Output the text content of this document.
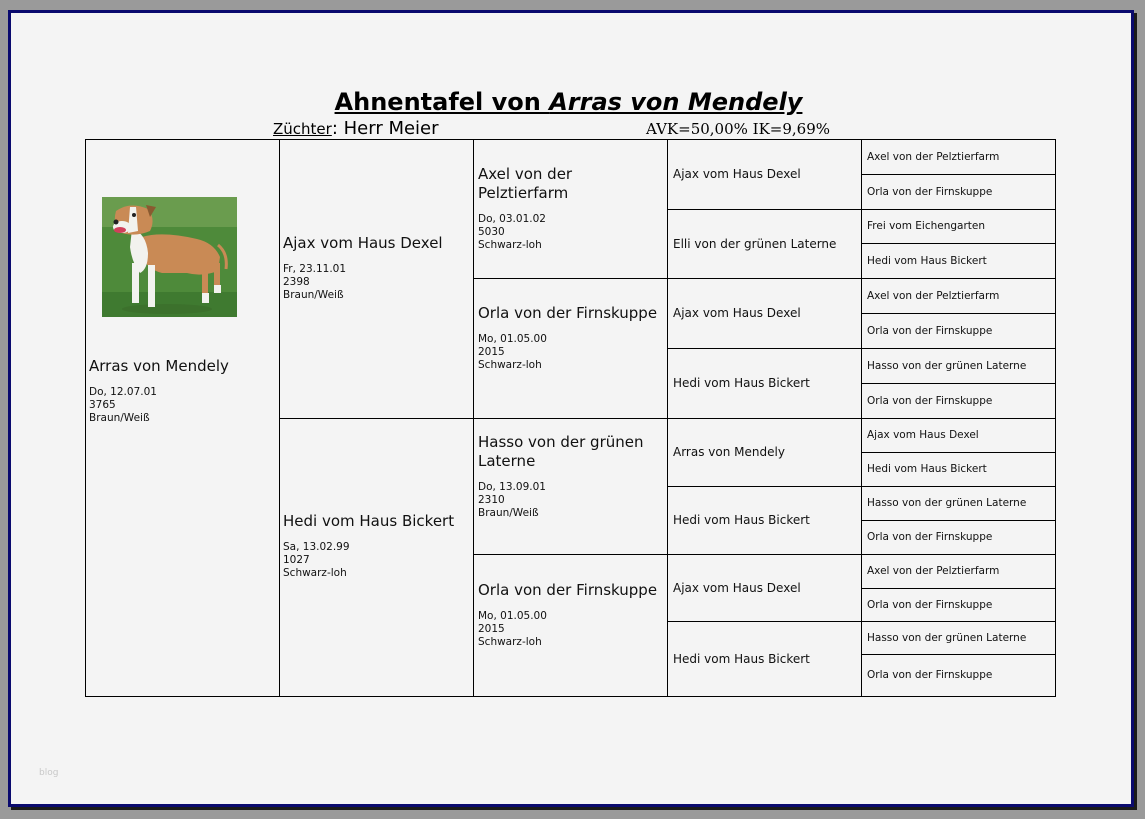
Ahnentafel von Arras von Mendely
Züchter: Herr Meier	AVK=50,00% IK=9,69%
Arras von Mendely
Do, 12.07.01
3765
Braun/Weiß
Ajax vom Haus Dexel
Fr, 23.11.01
2398
Braun/Weiß
Hedi vom Haus Bickert
Sa, 13.02.99
1027
Schwarz-loh
Axel von der Pelztierfarm
Do, 03.01.02
5030
Schwarz-loh
Orla von der Firnskuppe
Mo, 01.05.00
2015
Schwarz-loh
Hasso von der grünen Laterne
Do, 13.09.01
2310
Braun/Weiß
Orla von der Firnskuppe
Mo, 01.05.00
2015
Schwarz-loh
Ajax vom Haus Dexel
Elli von der grünen Laterne
Ajax vom Haus Dexel
Hedi vom Haus Bickert
Arras von Mendely
Hedi vom Haus Bickert
Ajax vom Haus Dexel
Hedi vom Haus Bickert
Axel von der Pelztierfarm
Orla von der Firnskuppe
Frei vom Eichengarten
Hedi vom Haus Bickert
Axel von der Pelztierfarm
Orla von der Firnskuppe
Hasso von der grünen Laterne
Orla von der Firnskuppe
Ajax vom Haus Dexel
Hedi vom Haus Bickert
Hasso von der grünen Laterne
Orla von der Firnskuppe
Axel von der Pelztierfarm
Orla von der Firnskuppe
Hasso von der grünen Laterne
Orla von der Firnskuppe
blog
